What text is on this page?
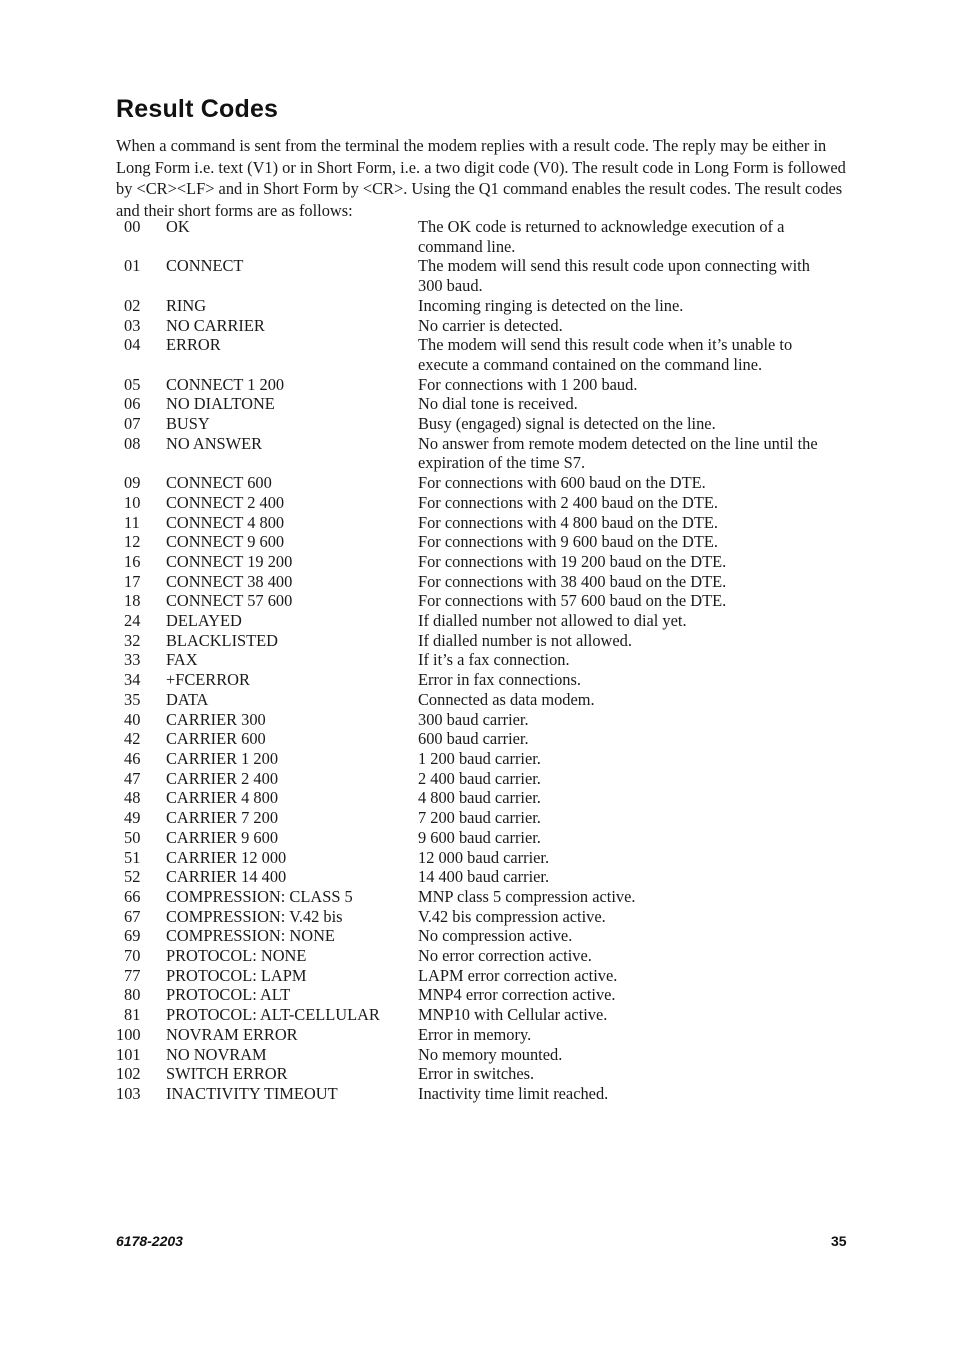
Result Codes

When a command is sent from the terminal the modem replies with a result code. The reply may be either in Long Form i.e. text (V1) or in Short Form, i.e. a two digit code (V0). The result code in Long Form is followed by <CR><LF> and in Short Form by <CR>. Using the Q1 command enables the result codes. The result codes and their short forms are as follows:

00	OK	The OK code is returned to acknowledge execution of a command line.
01	CONNECT	The modem will send this result code upon connecting with 300 baud.
02	RING	Incoming ringing is detected on the line.
03	NO CARRIER	No carrier is detected.
04	ERROR	The modem will send this result code when it’s unable to execute a command contained on the command line.
05	CONNECT 1 200	For connections with 1 200 baud.
06	NO DIALTONE	No dial tone is received.
07	BUSY	Busy (engaged) signal is detected on the line.
08	NO ANSWER	No answer from remote modem detected on the line until the expiration of the time S7.
09	CONNECT 600	For connections with 600 baud on the DTE.
10	CONNECT 2 400	For connections with 2 400 baud on the DTE.
11	CONNECT 4 800	For connections with 4 800 baud on the DTE.
12	CONNECT 9 600	For connections with 9 600 baud on the DTE.
16	CONNECT 19 200	For connections with 19 200 baud on the DTE.
17	CONNECT 38 400	For connections with 38 400 baud on the DTE.
18	CONNECT 57 600	For connections with 57 600 baud on the DTE.
24	DELAYED	If dialled number not allowed to dial yet.
32	BLACKLISTED	If dialled number is not allowed.
33	FAX	If it’s a fax connection.
34	+FCERROR	Error in fax connections.
35	DATA	Connected as data modem.
40	CARRIER 300	300 baud carrier.
42	CARRIER 600	600 baud carrier.
46	CARRIER 1 200	1 200 baud carrier.
47	CARRIER 2 400	2 400 baud carrier.
48	CARRIER 4 800	4 800 baud carrier.
49	CARRIER 7 200	7 200 baud carrier.
50	CARRIER 9 600	9 600 baud carrier.
51	CARRIER 12 000	12 000 baud carrier.
52	CARRIER 14 400	14 400 baud carrier.
66	COMPRESSION: CLASS 5	MNP class 5 compression active.
67	COMPRESSION: V.42 bis	V.42 bis compression active.
69	COMPRESSION: NONE	No compression active.
70	PROTOCOL: NONE	No error correction active.
77	PROTOCOL: LAPM	LAPM error correction active.
80	PROTOCOL: ALT	MNP4 error correction active.
81	PROTOCOL: ALT-CELLULAR	MNP10 with Cellular active.
100	NOVRAM ERROR	Error in memory.
101	NO NOVRAM	No memory mounted.
102	SWITCH ERROR	Error in switches.
103	INACTIVITY TIMEOUT	Inactivity time limit reached.
6178-2203	35
